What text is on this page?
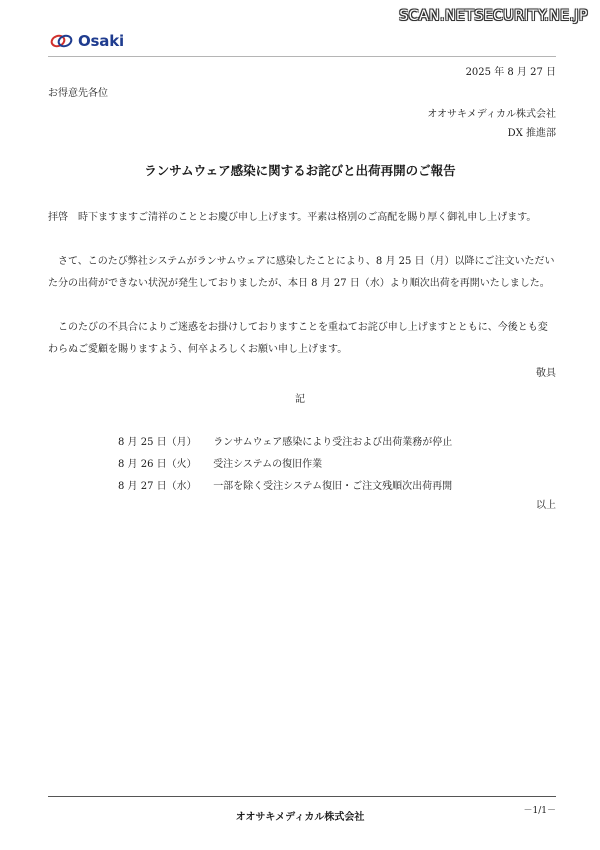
SCAN.NETSECURITY.NE.JP
Osaki
2025 年 8 月 27 日
お得意先各位
オオサキメディカル株式会社
DX 推進部
ランサムウェア感染に関するお詫びと出荷再開のご報告
拝啓　時下ますますご清祥のこととお慶び申し上げます。平素は格別のご高配を賜り厚く御礼申し上げます。
　さて、このたび弊社システムがランサムウェアに感染したことにより、8 月 25 日（月）以降にご注文いただいた分の出荷ができない状況が発生しておりましたが、本日 8 月 27 日（水）より順次出荷を再開いたしました。
　このたびの不具合によりご迷惑をお掛けしておりますことを重ねてお詫び申し上げますとともに、今後とも変わらぬご愛顧を賜りますよう、何卒よろしくお願い申し上げます。
敬具
記
8 月 25 日（月） ランサムウェア感染により受注および出荷業務が停止
8 月 26 日（火） 受注システムの復旧作業
8 月 27 日（水） 一部を除く受注システム復旧・ご注文残順次出荷再開
以上
オオサキメディカル株式会社
－1/1－
